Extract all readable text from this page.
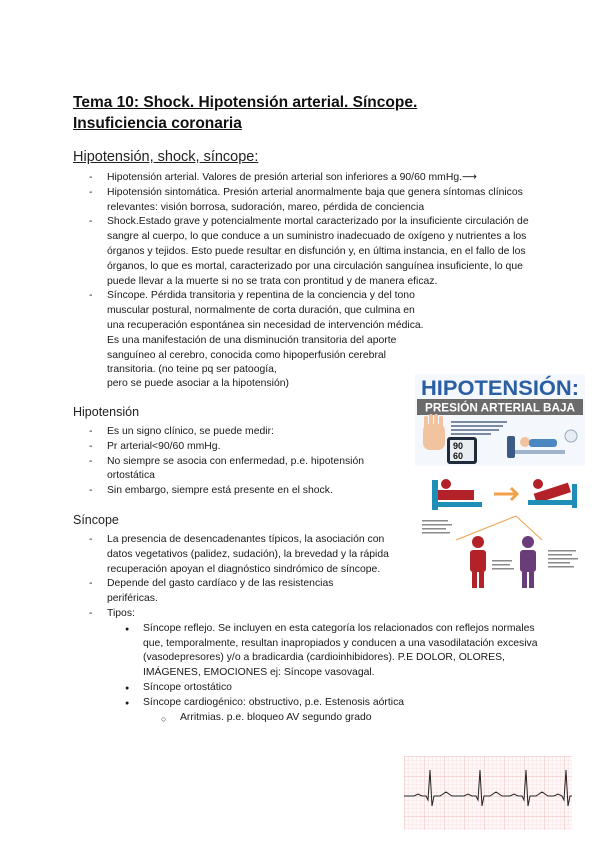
Tema 10: Shock. Hipotensión arterial. Síncope. Insuficiencia coronaria
Hipotensión, shock, síncope:
- Hipotensión arterial. Valores de presión arterial son inferiores a 90/60 mmHg.⟶
- Hipotensión sintomática. Presión arterial anormalmente baja que genera síntomas clínicos relevantes: visión borrosa, sudoración, mareo, pérdida de conciencia
- Shock.Estado grave y potencialmente mortal caracterizado por la insuficiente circulación de sangre al cuerpo, lo que conduce a un suministro inadecuado de oxígeno y nutrientes a los órganos y tejidos. Esto puede resultar en disfunción y, en última instancia, en el fallo de los órganos, lo que es mortal, caracterizado por una circulación sanguínea insuficiente, lo que puede llevar a la muerte si no se trata con prontitud y de manera eficaz.
- Síncope. Pérdida transitoria y repentina de la conciencia y del tono muscular postural, normalmente de corta duración, que culmina en una recuperación espontánea sin necesidad de intervención médica. Es una manifestación de una disminución transitoria del aporte sanguíneo al cerebro, conocida como hipoperfusión cerebral transitoria. (no teine pq ser patoogía,
pero se puede asociar a la hipotensión)
Hipotensión
- Es un signo clínico, se puede medir:
- Pr arterial<90/60 mmHg.
- No siempre se asocia con enfermedad, p.e. hipotensión ortostática
- Sin embargo, siempre está presente en el shock.
Síncope
- La presencia de desencadenantes típicos, la asociación con datos vegetativos (palidez, sudación), la brevedad y la rápida recuperación apoyan el diagnóstico sindrómico de síncope.
- Depende del gasto cardíaco y de las resistencias periféricas.
- Tipos:
● Síncope reflejo. Se incluyen en esta categoría los relacionados con reflejos normales que, temporalmente, resultan inapropiados y conducen a una vasodilatación excesiva (vasodepresores) y/o a bradicardia (cardioinhibidores). P.E DOLOR, OLORES, IMÁGENES, EMOCIONES ej: Síncope vasovagal.
● Síncope ortostático
● Síncope cardiogénico: obstructivo, p.e. Estenosis aórtica
○ Arritmias. p.e. bloqueo AV segundo grado
HIPOTENSIÓN:
PRESIÓN ARTERIAL BAJA
90
60
